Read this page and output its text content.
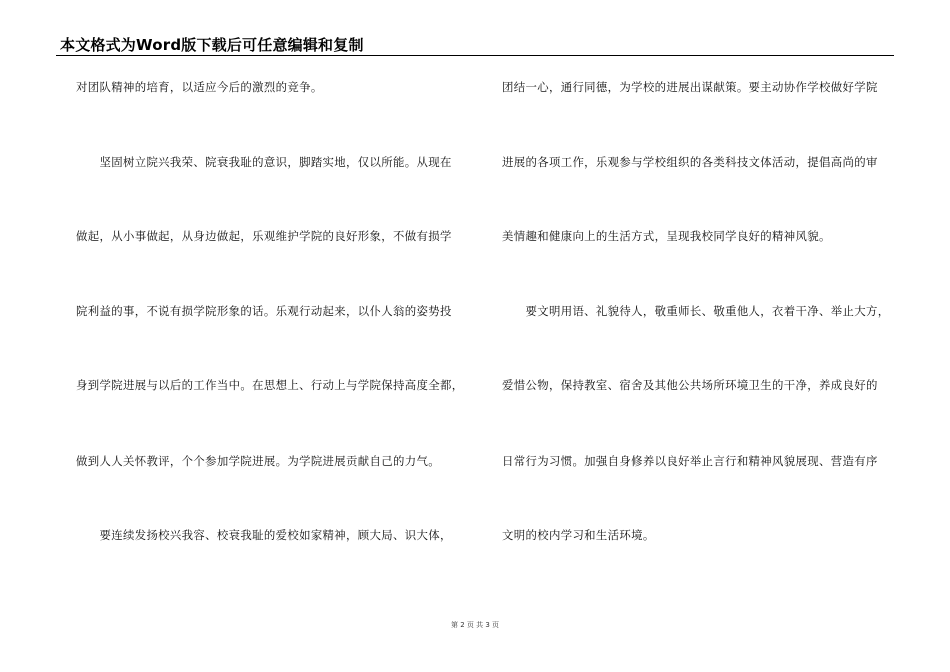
本文格式为Word版下载后可任意编辑和复制
对团队精神的培育，以适应今后的激烈的竞争。
　　坚固树立院兴我荣、院衰我耻的意识，脚踏实地，仅以所能。从现在
做起，从小事做起，从身边做起，乐观维护学院的良好形象，不做有损学
院利益的事，不说有损学院形象的话。乐观行动起来，以仆人翁的姿势投
身到学院进展与以后的工作当中。在思想上、行动上与学院保持高度全都，
做到人人关怀教评，个个参加学院进展。为学院进展贡献自己的力气。
　　要连续发扬校兴我容、校衰我耻的爱校如家精神，顾大局、识大体，
团结一心，通行同德，为学校的进展出谋献策。要主动协作学校做好学院
进展的各项工作，乐观参与学校组织的各类科技文体活动，提倡高尚的审
美情趣和健康向上的生活方式，呈现我校同学良好的精神风貌。
　　要文明用语、礼貌待人，敬重师长、敬重他人，衣着干净、举止大方，
爱惜公物，保持教室、宿舍及其他公共场所环境卫生的干净，养成良好的
日常行为习惯。加强自身修养以良好举止言行和精神风貌展现、营造有序
文明的校内学习和生活环境。
第 2 页 共 3 页
